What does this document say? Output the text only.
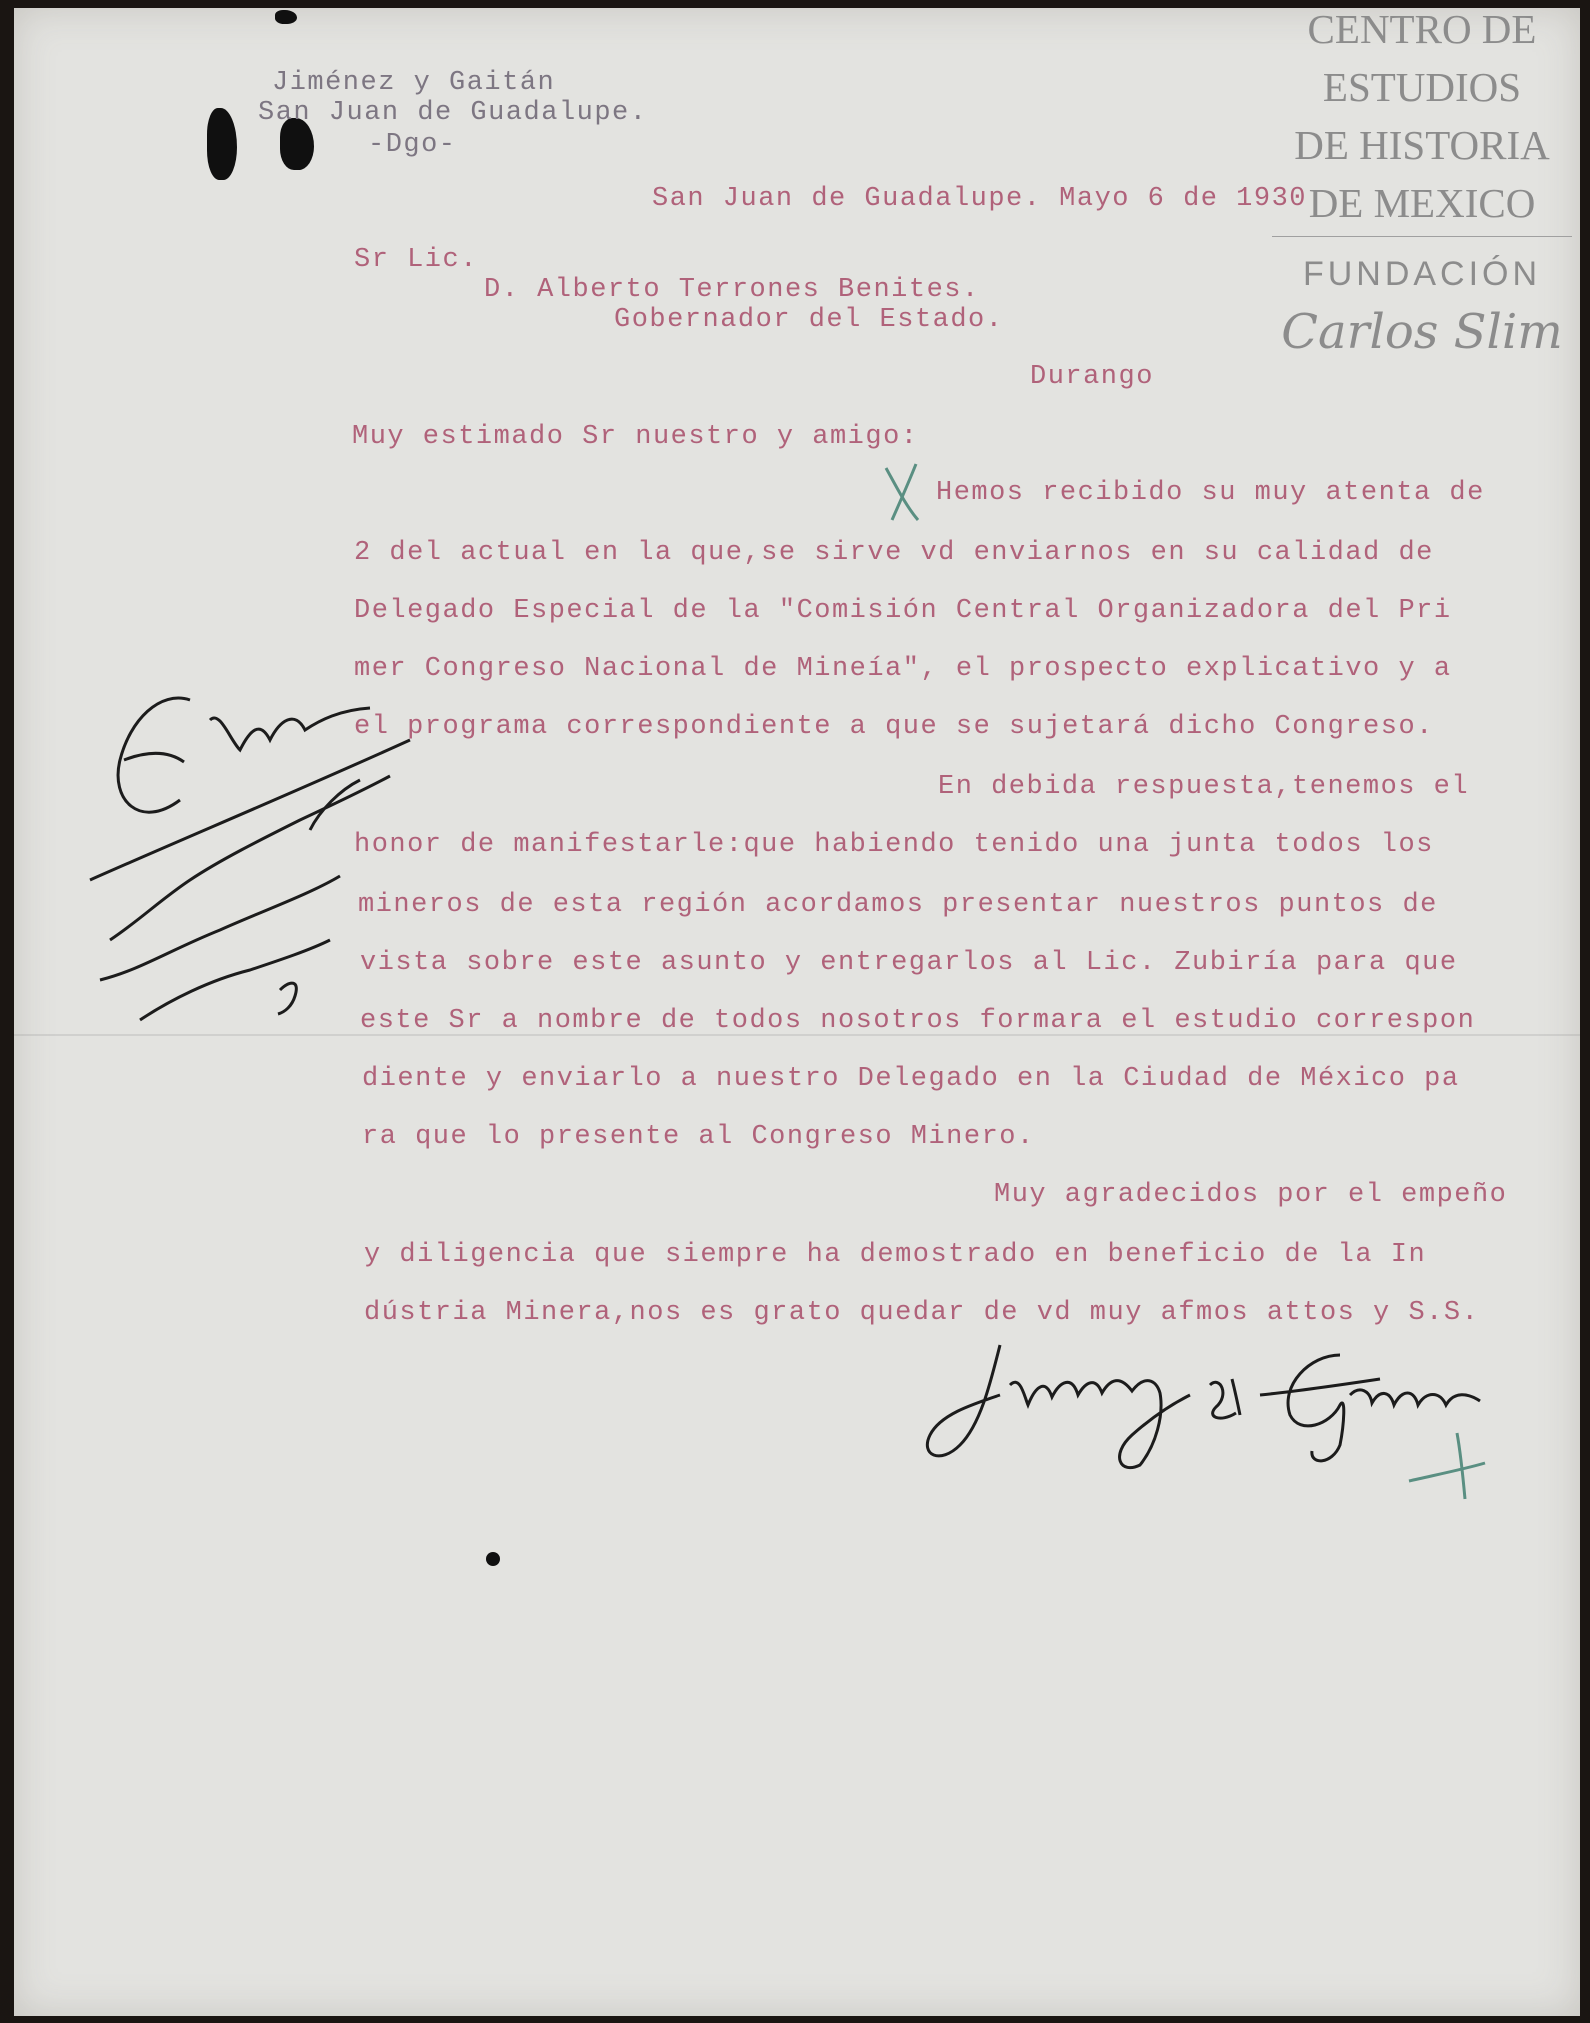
Jiménez y Gaitán
San Juan de Guadalupe.
-Dgo-
San Juan de Guadalupe. Mayo 6 de 1930
Sr Lic.
D. Alberto Terrones Benites.
Gobernador del Estado.
Durango
Muy estimado Sr nuestro y amigo:
Hemos recibido su muy atenta de
2 del actual en la que,se sirve vd enviarnos en su calidad de
Delegado Especial de la "Comisión Central Organizadora del Pri
mer Congreso Nacional de Mineía", el prospecto explicativo y a
el programa correspondiente a que se sujetará dicho Congreso.
En debida respuesta,tenemos el
honor de manifestarle:que habiendo tenido una junta todos los
mineros de esta región acordamos presentar nuestros puntos de
vista sobre este asunto y entregarlos al Lic. Zubiría para que
este Sr a nombre de todos nosotros formara el estudio correspon
diente y enviarlo a nuestro Delegado en la Ciudad de México pa
ra que lo presente al Congreso Minero.
Muy agradecidos por el empeño
y diligencia que siempre ha demostrado en beneficio de la In
dústria Minera,nos es grato quedar de vd muy afmos attos y S.S.
CENTRO DE
ESTUDIOS
DE HISTORIA
DE MEXICO
FUNDACIÓN
Carlos Slim
